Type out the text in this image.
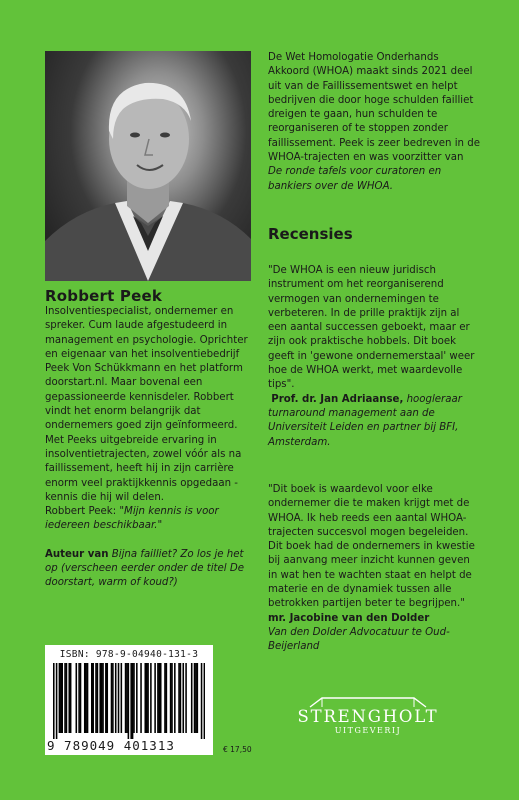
Robbert Peek

Insolventiespecialist, ondernemer en spreker. Cum laude afgestudeerd in management en psychologie. Oprichter en eigenaar van het insolventiebedrijf Peek Von Schükkmann en het platform doorstart.nl. Maar bovenal een gepassioneerde kennisdeler. Robbert vindt het enorm belangrijk dat ondernemers goed zijn geïnformeerd. Met Peeks uitgebreide ervaring in insolventietrajecten, zowel vóór als na faillissement, heeft hij in zijn carrière enorm veel praktijkkennis opgedaan - kennis die hij wil delen.

Robbert Peek: "Mijn kennis is voor iedereen beschikbaar."

Auteur van Bijna failliet? Zo los je het op (verscheen eerder onder de titel De doorstart, warm of koud?)

De Wet Homologatie Onderhands Akkoord (WHOA) maakt sinds 2021 deel uit van de Faillissementswet en helpt bedrijven die door hoge schulden failliet dreigen te gaan, hun schulden te reorganiseren of te stoppen zonder faillissement. Peek is zeer bedreven in de WHOA-trajecten en was voorzitter van De ronde tafels voor curatoren en bankiers over de WHOA.

Recensies

"De WHOA is een nieuw juridisch instrument om het reorganiserend vermogen van ondernemingen te verbeteren. In de prille praktijk zijn al een aantal successen geboekt, maar er zijn ook praktische hobbels. Dit boek geeft in 'gewone ondernemerstaal' weer hoe de WHOA werkt, met waardevolle tips".

Prof. dr. Jan Adriaanse, hoogleraar turnaround management aan de Universiteit Leiden en partner bij BFI, Amsterdam.

"Dit boek is waardevol voor elke ondernemer die te maken krijgt met de WHOA. Ik heb reeds een aantal WHOA-trajecten succesvol mogen begeleiden. Dit boek had de ondernemers in kwestie bij aanvang meer inzicht kunnen geven in wat hen te wachten staat en helpt de materie en de dynamiek tussen alle betrokken partijen beter te begrijpen."

mr. Jacobine van den Dolder
Van den Dolder Advocatuur te Oud-Beijerland

ISBN: 978-9-04940-131-3
9 789049 401313	€ 17,50
STRENGHOLT
UITGEVERIJ
